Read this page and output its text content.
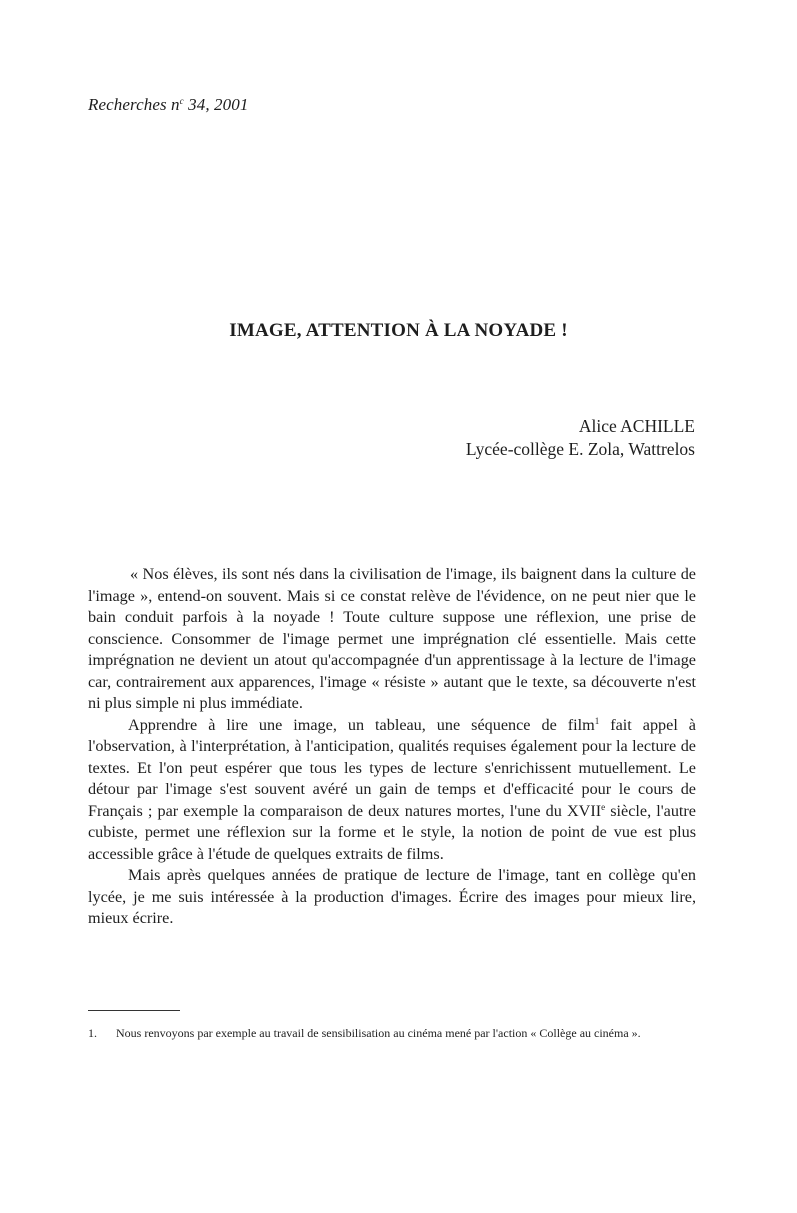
Recherches $n^c$ 34, 2001
IMAGE, ATTENTION À LA NOYADE !
Alice ACHILLE
Lycée-collège E. Zola, Wattrelos

« Nos élèves, ils sont nés dans la civilisation de l'image, ils baignent dans la culture de l'image », entend-on souvent. Mais si ce constat relève de l'évidence, on ne peut nier que le bain conduit parfois à la noyade ! Toute culture suppose une réflexion, une prise de conscience. Consommer de l'image permet une imprégnation clé essentielle. Mais cette imprégnation ne devient un atout qu'accompagnée d'un apprentissage à la lecture de l'image car, contrairement aux apparences, l'image « résiste » autant que le texte, sa découverte n'est ni plus simple ni plus immédiate.

Apprendre à lire une image, un tableau, une séquence de film$^1$ fait appel à l'observation, à l'interprétation, à l'anticipation, qualités requises également pour la lecture de textes. Et l'on peut espérer que tous les types de lecture s'enrichissent mutuellement. Le détour par l'image s'est souvent avéré un gain de temps et d'efficacité pour le cours de Français ; par exemple la comparaison de deux natures mortes, l'une du XVIIe siècle, l'autre cubiste, permet une réflexion sur la forme et le style, la notion de point de vue est plus accessible grâce à l'étude de quelques extraits de films.

Mais après quelques années de pratique de lecture de l'image, tant en collège qu'en lycée, je me suis intéressée à la production d'images. Écrire des images pour mieux lire, mieux écrire.

1.	Nous renvoyons par exemple au travail de sensibilisation au cinéma mené par l'action « Collège au cinéma ».
